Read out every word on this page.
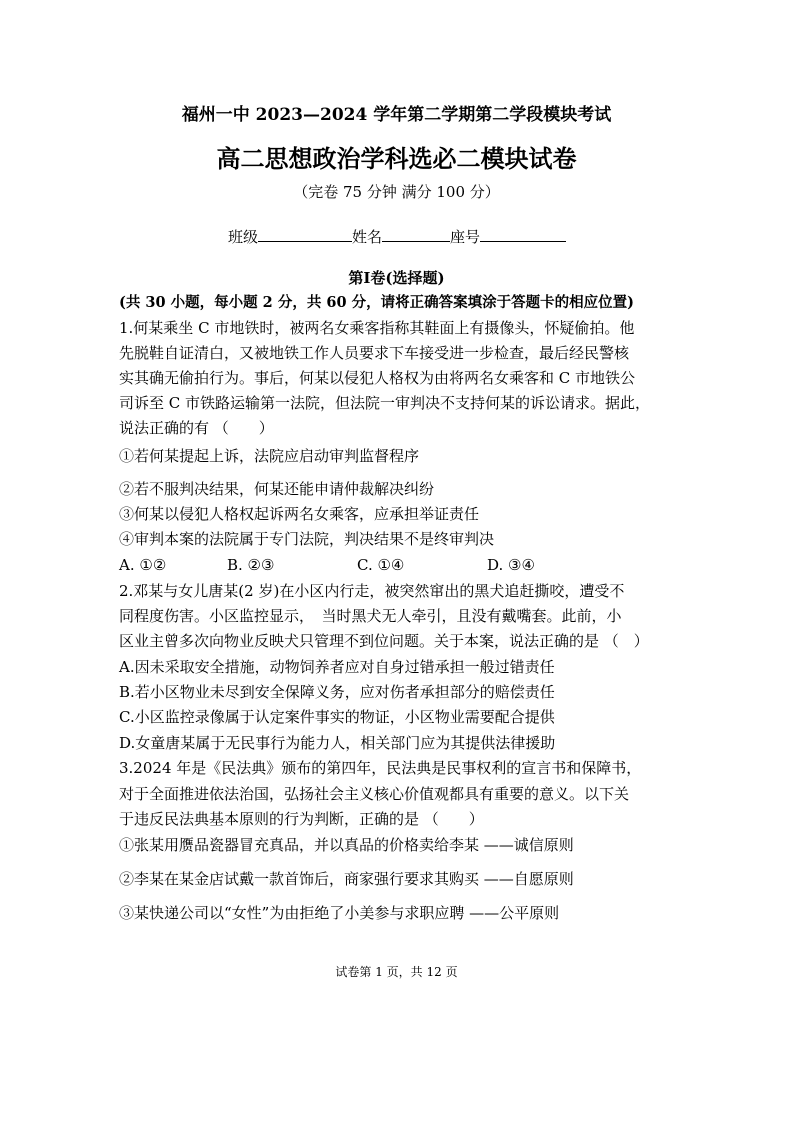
福州一中 2023—2024 学年第二学期第二学段模块考试
高二思想政治学科选必二模块试卷
（完卷 75 分钟 满分 100 分）
班级	姓名	座号
第Ⅰ卷(选择题)
(共 30 小题，每小题 2 分，共 60 分，请将正确答案填涂于答题卡的相应位置)
1.何某乘坐 C 市地铁时，被两名女乘客指称其鞋面上有摄像头，怀疑偷拍。他
先脱鞋自证清白，又被地铁工作人员要求下车接受进一步检查，最后经民警核
实其确无偷拍行为。事后，何某以侵犯人格权为由将两名女乘客和 C 市地铁公
司诉至 C 市铁路运输第一法院，但法院一审判决不支持何某的诉讼请求。据此，
说法正确的有 （　　）
①若何某提起上诉，法院应启动审判监督程序
②若不服判决结果，何某还能申请仲裁解决纠纷
③何某以侵犯人格权起诉两名女乘客，应承担举证责任
④审判本案的法院属于专门法院，判决结果不是终审判决
A. ①②	B. ②③	C. ①④	D. ③④
2.邓某与女儿唐某(2 岁)在小区内行走，被突然窜出的黑犬追赶撕咬，遭受不
同程度伤害。小区监控显示，　当时黑犬无人牵引，且没有戴嘴套。此前，小
区业主曾多次向物业反映犬只管理不到位问题。关于本案，说法正确的是 （　）
A.因未采取安全措施，动物饲养者应对自身过错承担一般过错责任
B.若小区物业未尽到安全保障义务，应对伤者承担部分的赔偿责任
C.小区监控录像属于认定案件事实的物证，小区物业需要配合提供
D.女童唐某属于无民事行为能力人，相关部门应为其提供法律援助
3.2024 年是《民法典》颁布的第四年，民法典是民事权利的宣言书和保障书，
对于全面推进依法治国，弘扬社会主义核心价值观都具有重要的意义。以下关
于违反民法典基本原则的行为判断，正确的是 （　　）
①张某用赝品瓷器冒充真品，并以真品的价格卖给李某 ——诚信原则
②李某在某金店试戴一款首饰后，商家强行要求其购买 ——自愿原则
③某快递公司以“女性”为由拒绝了小美参与求职应聘 ——公平原则
试卷第 1 页，共 12 页
